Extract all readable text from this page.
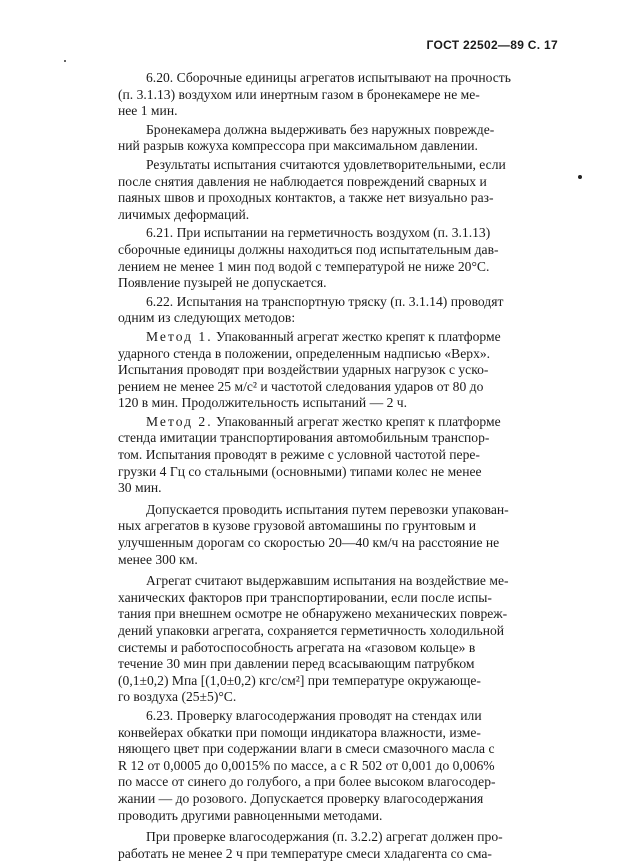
ГОСТ 22502—89 С. 17

6.20. Сборочные единицы агрегатов испытывают на прочность
(п. 3.1.13) воздухом или инертным газом в бронекамере не ме-
нее 1 мин.

Бронекамера должна выдерживать без наружных поврежде-
ний разрыв кожуха компрессора при максимальном давлении.

Результаты испытания считаются удовлетворительными, если
после снятия давления не наблюдается повреждений сварных и
паяных швов и проходных контактов, а также нет визуально раз-
личимых деформаций.

6.21. При испытании на герметичность воздухом (п. 3.1.13)
сборочные единицы должны находиться под испытательным дав-
лением не менее 1 мин под водой с температурой не ниже 20°С.
Появление пузырей не допускается.

6.22. Испытания на транспортную тряску (п. 3.1.14) проводят
одним из следующих методов:

Метод 1. Упакованный агрегат жестко крепят к платформе
ударного стенда в положении, определенным надписью «Верх».
Испытания проводят при воздействии ударных нагрузок с уско-
рением не менее 25 м/с² и частотой следования ударов от 80 до
120 в мин. Продолжительность испытаний — 2 ч.

Метод 2. Упакованный агрегат жестко крепят к платформе
стенда имитации транспортирования автомобильным транспор-
том. Испытания проводят в режиме с условной частотой пере-
грузки 4 Гц со стальными (основными) типами колес не менее
30 мин.

Допускается проводить испытания путем перевозки упакован-
ных агрегатов в кузове грузовой автомашины по грунтовым и
улучшенным дорогам со скоростью 20—40 км/ч на расстояние не
менее 300 км.

Агрегат считают выдержавшим испытания на воздействие ме-
ханических факторов при транспортировании, если после испы-
тания при внешнем осмотре не обнаружено механических повреж-
дений упаковки агрегата, сохраняется герметичность холодильной
системы и работоспособность агрегата на «газовом кольце» в
течение 30 мин при давлении перед всасывающим патрубком
(0,1±0,2) Мпа [(1,0±0,2) кгс/см²] при температуре окружающе-
го воздуха (25±5)°С.

6.23. Проверку влагосодержания проводят на стендах или
конвейерах обкатки при помощи индикатора влажности, изме-
няющего цвет при содержании влаги в смеси смазочного масла с
R 12 от 0,0005 до 0,0015% по массе, а с R 502 от 0,001 до 0,006%
по массе от синего до голубого, а при более высоком влагосодер-
жании — до розового. Допускается проверку влагосодержания
проводить другими равноценными методами.

При проверке влагосодержания (п. 3.2.2) агрегат должен про-
работать не менее 2 ч при температуре смеси хладагента со сма-
